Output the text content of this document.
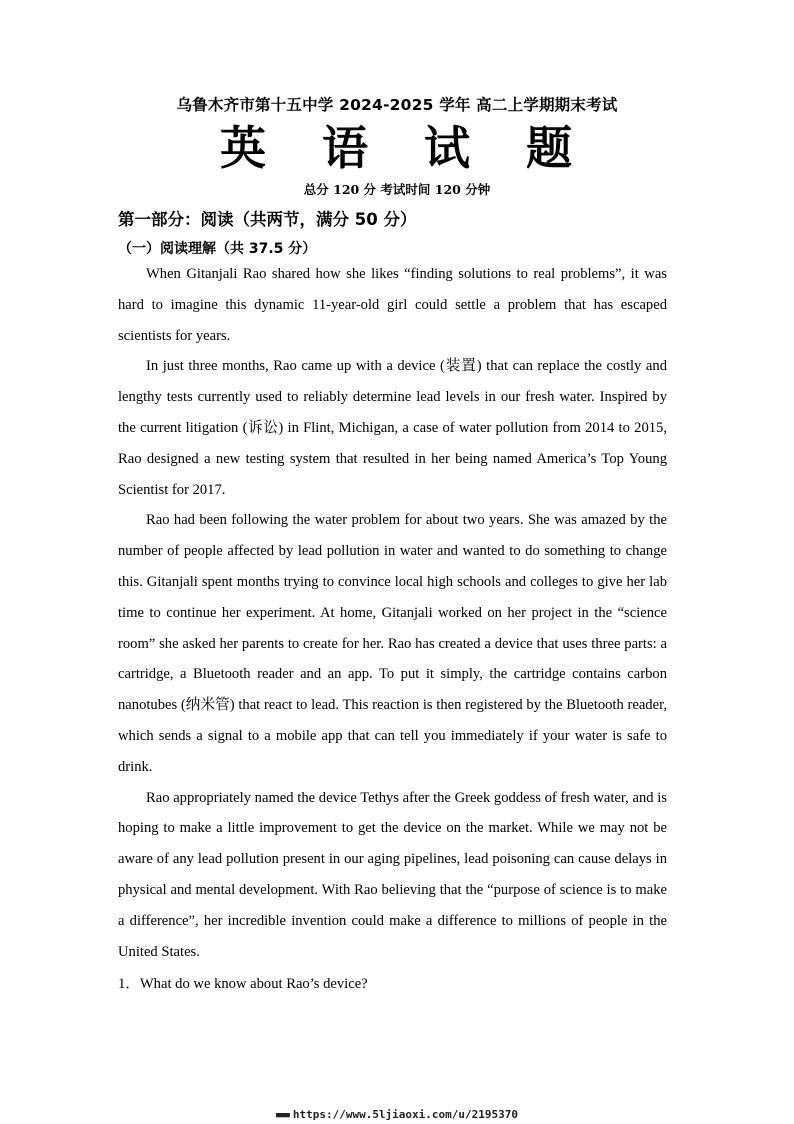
乌鲁木齐市第十五中学 2024-2025 学年 高二上学期期末考试
英 语 试 题
总分 120 分 考试时间 120 分钟
第一部分：阅读（共两节，满分 50 分）
（一）阅读理解（共 37.5 分）

When Gitanjali Rao shared how she likes “finding solutions to real problems”, it was hard to imagine this dynamic 11-year-old girl could settle a problem that has escaped scientists for years.

In just three months, Rao came up with a device (装置) that can replace the costly and lengthy tests currently used to reliably determine lead levels in our fresh water. Inspired by the current litigation (诉讼) in Flint, Michigan, a case of water pollution from 2014 to 2015, Rao designed a new testing system that resulted in her being named America’s Top Young Scientist for 2017.

Rao had been following the water problem for about two years. She was amazed by the number of people affected by lead pollution in water and wanted to do something to change this. Gitanjali spent months trying to convince local high schools and colleges to give her lab time to continue her experiment. At home, Gitanjali worked on her project in the “science room” she asked her parents to create for her. Rao has created a device that uses three parts: a cartridge, a Bluetooth reader and an app. To put it simply, the cartridge contains carbon nanotubes (纳米管) that react to lead. This reaction is then registered by the Bluetooth reader, which sends a signal to a mobile app that can tell you immediately if your water is safe to drink.

Rao appropriately named the device Tethys after the Greek goddess of fresh water, and is hoping to make a little improvement to get the device on the market. While we may not be aware of any lead pollution present in our aging pipelines, lead poisoning can cause delays in physical and mental development. With Rao believing that the “purpose of science is to make a difference”, her incredible invention could make a difference to millions of people in the United States.

1．What do we know about Rao’s device?
■■■■ https://www.5ljiaoxi.com/u/2195370
